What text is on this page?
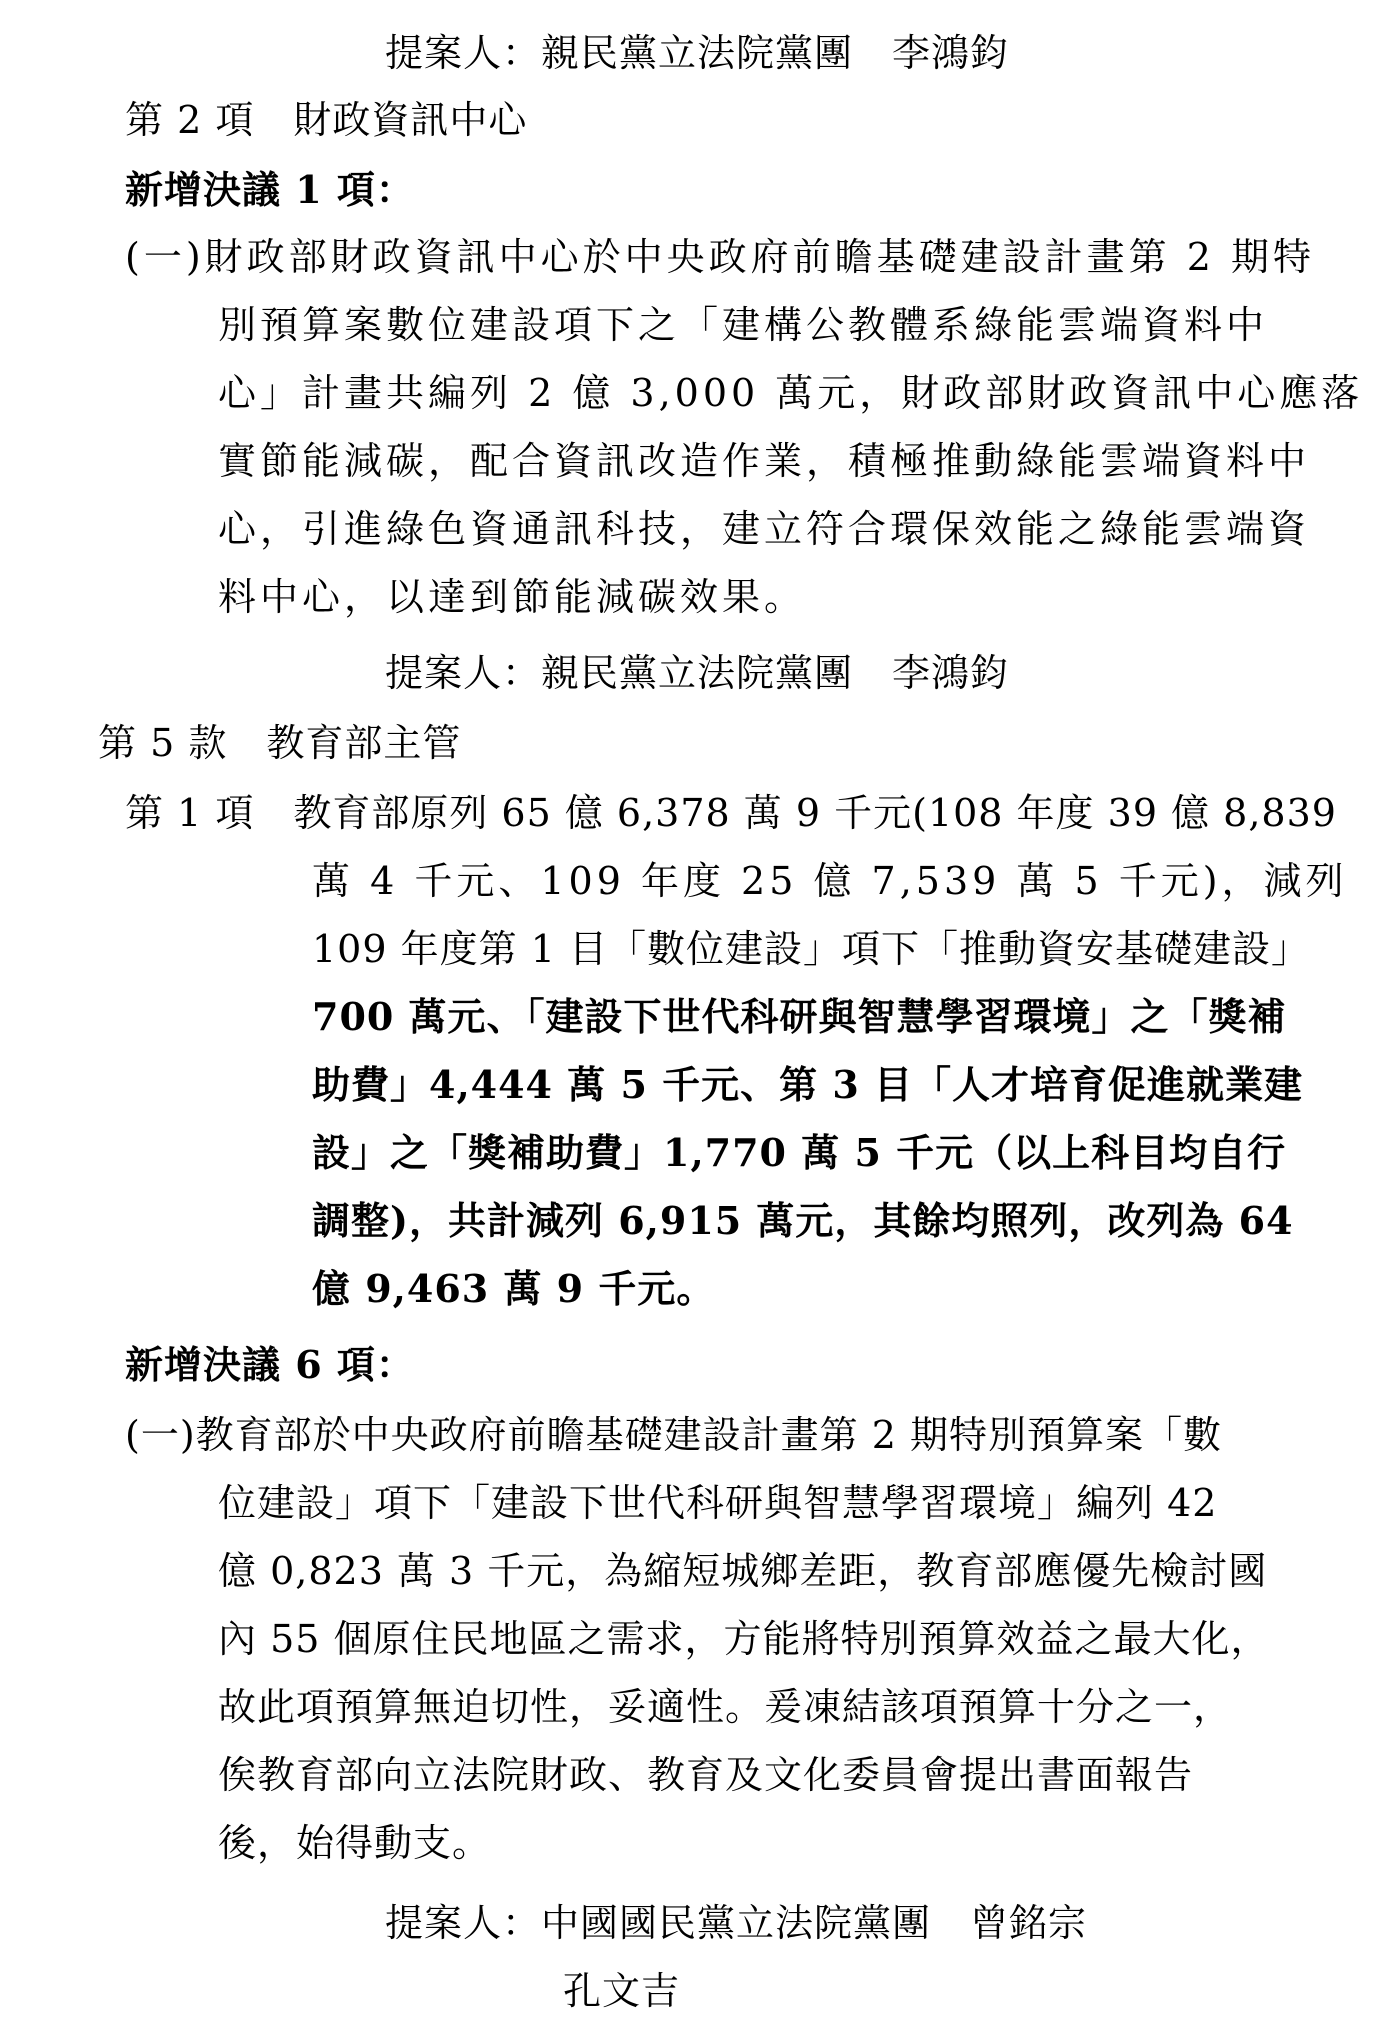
提案人：親民黨立法院黨團　李鴻鈞
第 2 項　財政資訊中心
新增決議 1 項：
(一)財政部財政資訊中心於中央政府前瞻基礎建設計畫第 2 期特
別預算案數位建設項下之「建構公教體系綠能雲端資料中
心」計畫共編列 2 億 3,000 萬元，財政部財政資訊中心應落
實節能減碳，配合資訊改造作業，積極推動綠能雲端資料中
心，引進綠色資通訊科技，建立符合環保效能之綠能雲端資
料中心，以達到節能減碳效果。
提案人：親民黨立法院黨團　李鴻鈞
第 5 款　教育部主管
第 1 項　教育部原列 65 億 6,378 萬 9 千元(108 年度 39 億 8,839
萬 4 千元、109 年度 25 億 7,539 萬 5 千元)，減列
109 年度第 1 目「數位建設」項下「推動資安基礎建設」
700 萬元、「建設下世代科研與智慧學習環境」之「獎補
助費」4,444 萬 5 千元、第 3 目「人才培育促進就業建
設」之「獎補助費」1,770 萬 5 千元（以上科目均自行
調整)，共計減列 6,915 萬元，其餘均照列，改列為 64
億 9,463 萬 9 千元。
新增決議 6 項：
(一)教育部於中央政府前瞻基礎建設計畫第 2 期特別預算案「數
位建設」項下「建設下世代科研與智慧學習環境」編列 42
億 0,823 萬 3 千元，為縮短城鄉差距，教育部應優先檢討國
內 55 個原住民地區之需求，方能將特別預算效益之最大化，
故此項預算無迫切性，妥適性。爰凍結該項預算十分之一，
俟教育部向立法院財政、教育及文化委員會提出書面報告
後，始得動支。
提案人：中國國民黨立法院黨團　曾銘宗
孔文吉
